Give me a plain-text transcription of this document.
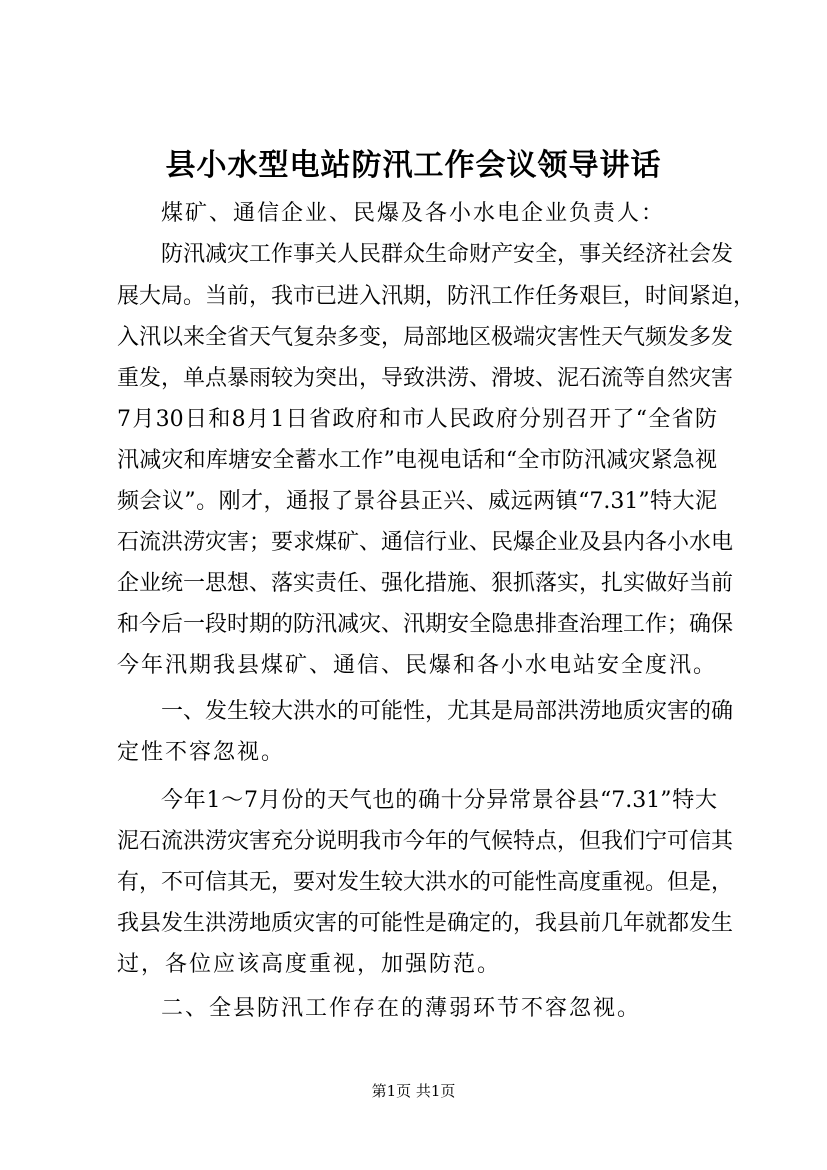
县小水型电站防汛工作会议领导讲话
煤矿、通信企业、民爆及各小水电企业负责人：
防汛减灾工作事关人民群众生命财产安全，事关经济社会发
展大局。当前，我市已进入汛期，防汛工作任务艰巨，时间紧迫，
入汛以来全省天气复杂多变，局部地区极端灾害性天气频发多发
重发，单点暴雨较为突出，导致洪涝、滑坡、泥石流等自然灾害
7月30日和8月1日省政府和市人民政府分别召开了“全省防
汛减灾和库塘安全蓄水工作”电视电话和“全市防汛减灾紧急视
频会议”。刚才，通报了景谷县正兴、威远两镇“7.31”特大泥
石流洪涝灾害；要求煤矿、通信行业、民爆企业及县内各小水电
企业统一思想、落实责任、强化措施、狠抓落实，扎实做好当前
和今后一段时期的防汛减灾、汛期安全隐患排查治理工作；确保
今年汛期我县煤矿、通信、民爆和各小水电站安全度汛。
一、发生较大洪水的可能性，尤其是局部洪涝地质灾害的确
定性不容忽视。
今年1～7月份的天气也的确十分异常景谷县“7.31”特大
泥石流洪涝灾害充分说明我市今年的气候特点，但我们宁可信其
有，不可信其无，要对发生较大洪水的可能性高度重视。但是，
我县发生洪涝地质灾害的可能性是确定的，我县前几年就都发生
过，各位应该高度重视，加强防范。
二、全县防汛工作存在的薄弱环节不容忽视。
第1页 共1页
